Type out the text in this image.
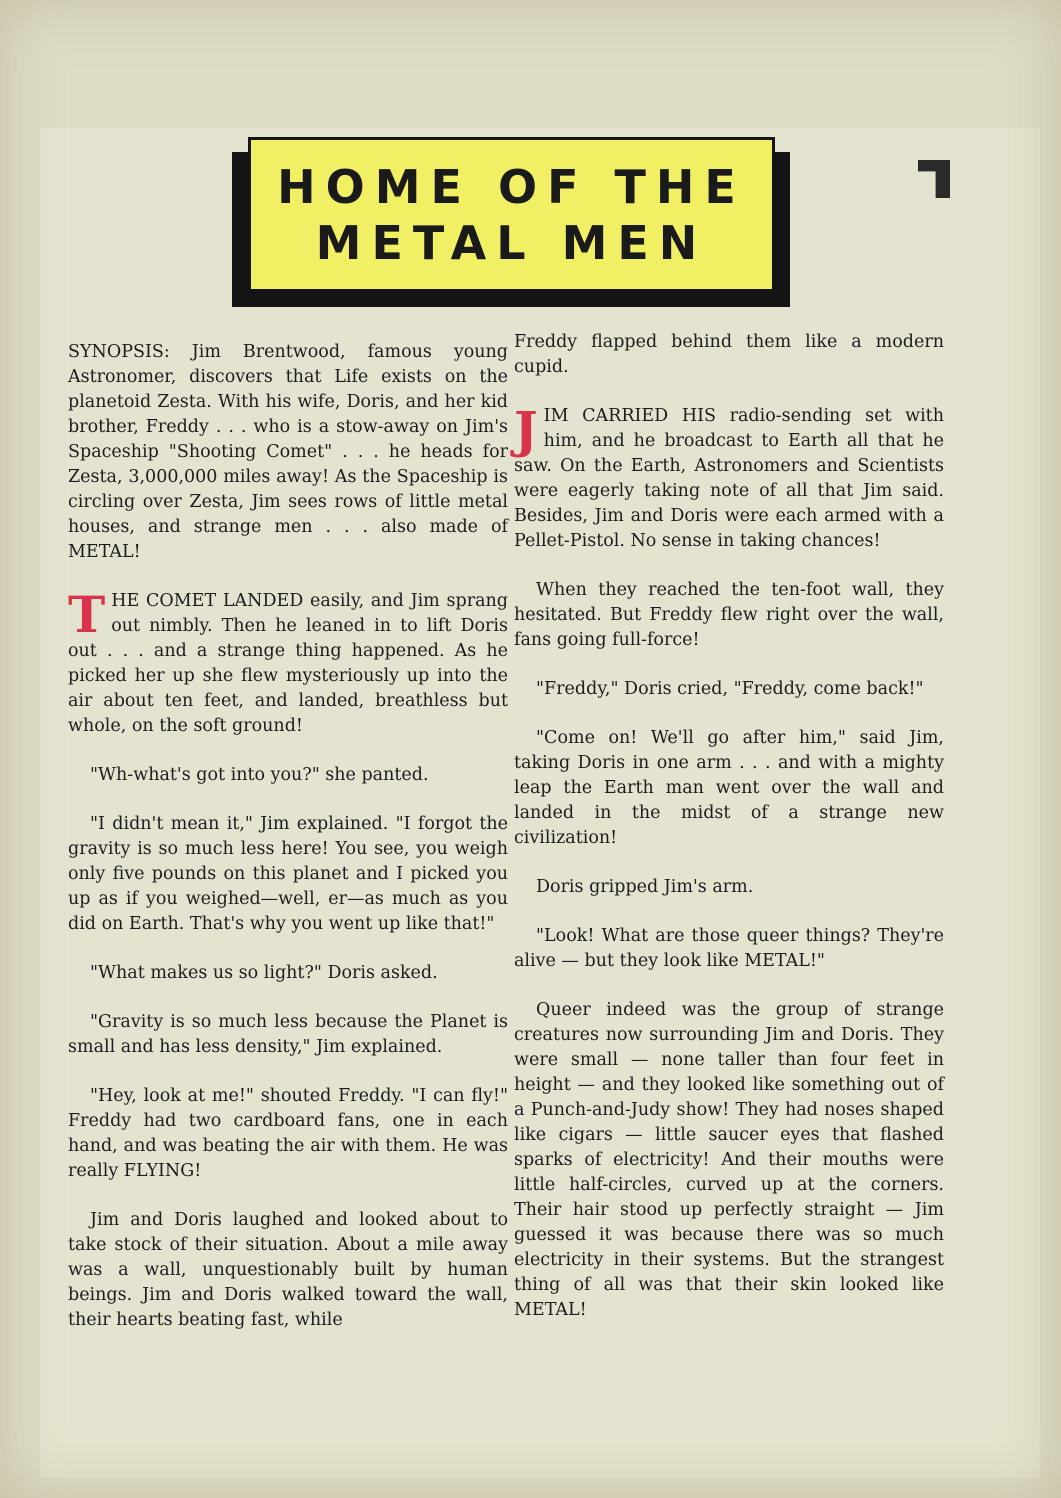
HOME OF THE
METAL MEN

SYNOPSIS: Jim Brentwood, famous young Astronomer, discovers that Life exists on the planetoid Zesta. With his wife, Doris, and her kid brother, Freddy . . . who is a stow-away on Jim's Spaceship "Shooting Comet" . . . he heads for Zesta, 3,000,000 miles away! As the Spaceship is circling over Zesta, Jim sees rows of little metal houses, and strange men . . . also made of METAL!

THE COMET LANDED easily, and Jim sprang out nimbly. Then he leaned in to lift Doris out . . . and a strange thing happened. As he picked her up she flew mysteriously up into the air about ten feet, and landed, breathless but whole, on the soft ground!

"Wh-what's got into you?" she panted.

"I didn't mean it," Jim explained. "I forgot the gravity is so much less here! You see, you weigh only five pounds on this planet and I picked you up as if you weighed—well, er—as much as you did on Earth. That's why you went up like that!"

"What makes us so light?" Doris asked.

"Gravity is so much less because the Planet is small and has less density," Jim explained.

"Hey, look at me!" shouted Freddy. "I can fly!" Freddy had two cardboard fans, one in each hand, and was beating the air with them. He was really FLYING!

Jim and Doris laughed and looked about to take stock of their situation. About a mile away was a wall, unquestionably built by human beings. Jim and Doris walked toward the wall, their hearts beating fast, while

Freddy flapped behind them like a modern cupid.

JIM CARRIED HIS radio-sending set with him, and he broadcast to Earth all that he saw. On the Earth, Astronomers and Scientists were eagerly taking note of all that Jim said. Besides, Jim and Doris were each armed with a Pellet-Pistol. No sense in taking chances!

When they reached the ten-foot wall, they hesitated. But Freddy flew right over the wall, fans going full-force!

"Freddy," Doris cried, "Freddy, come back!"

"Come on! We'll go after him," said Jim, taking Doris in one arm . . . and with a mighty leap the Earth man went over the wall and landed in the midst of a strange new civilization!

Doris gripped Jim's arm.

"Look! What are those queer things? They're alive — but they look like METAL!"

Queer indeed was the group of strange creatures now surrounding Jim and Doris. They were small — none taller than four feet in height — and they looked like something out of a Punch-and-Judy show! They had noses shaped like cigars — little saucer eyes that flashed sparks of electricity! And their mouths were little half-circles, curved up at the corners. Their hair stood up perfectly straight — Jim guessed it was because there was so much electricity in their systems. But the strangest thing of all was that their skin looked like METAL!
